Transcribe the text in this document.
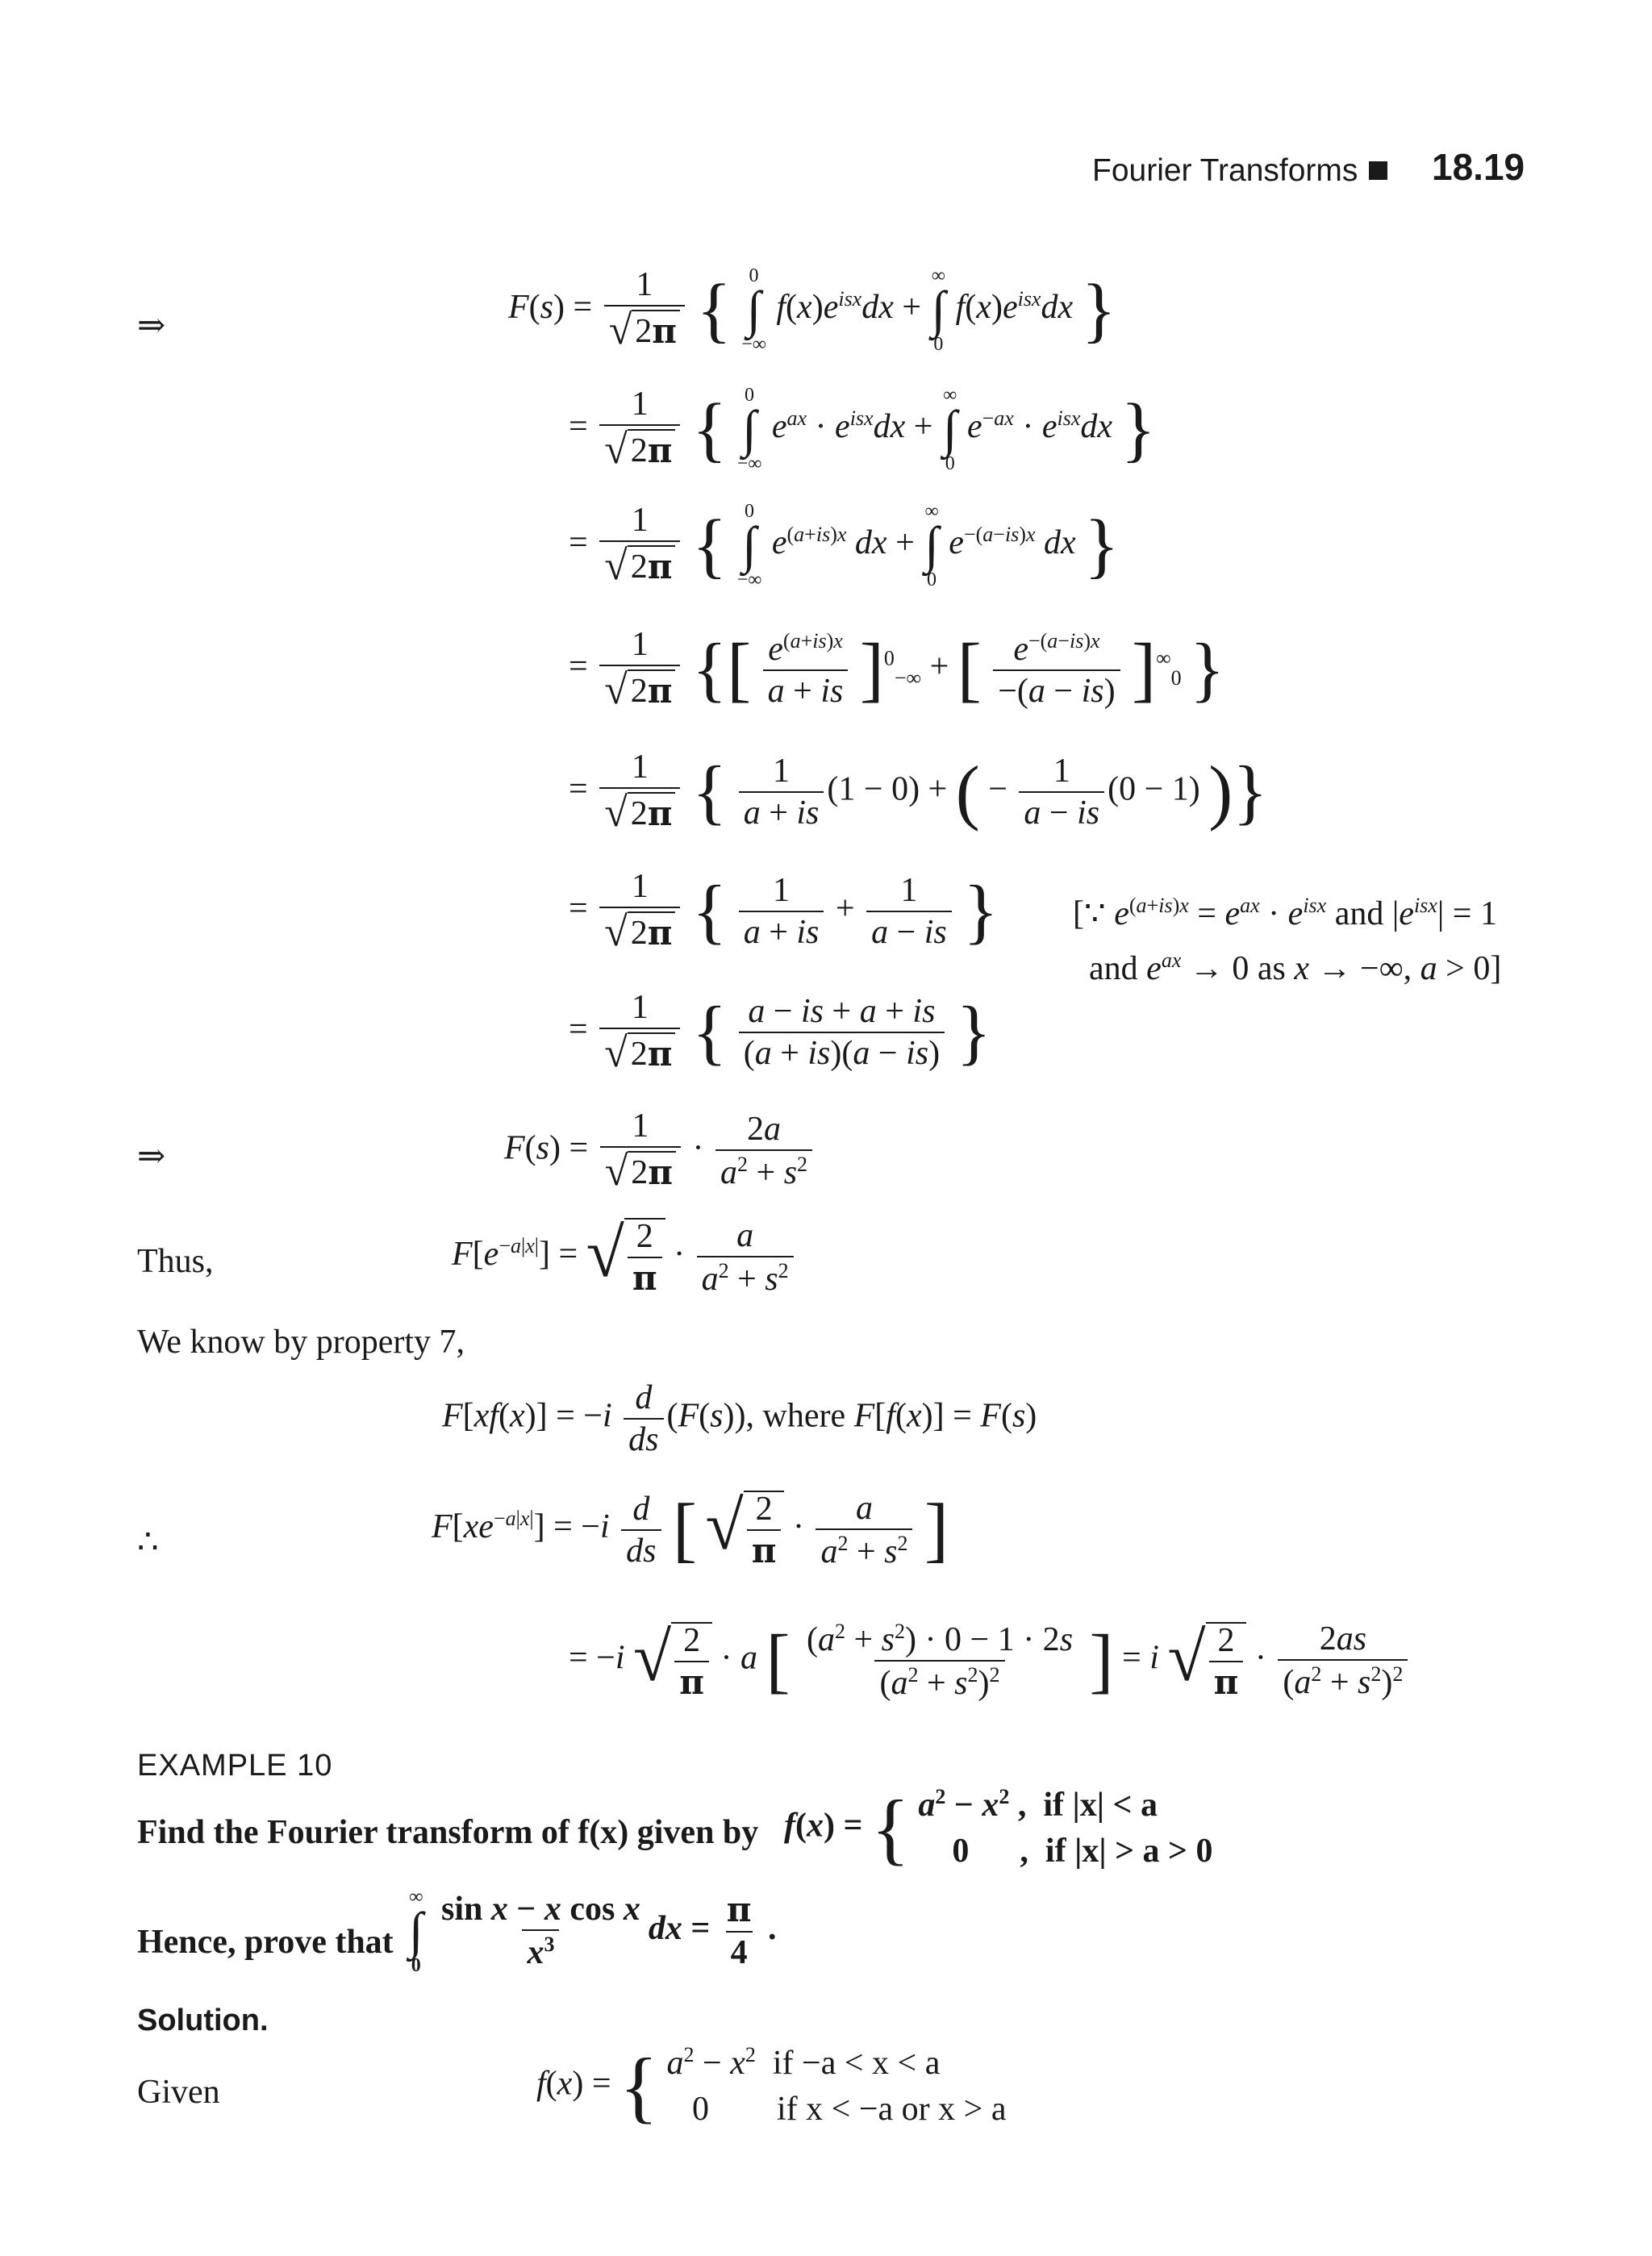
Fourier Transforms 18.19
⇒	$F(s) = \frac{1}{√ 2 \pi}$ { 0
∫
−∞
$f(x)e^{isx}dx$ +
∞
∫
0
$f(x)e^{isx}dx$ }
= $\frac{1}{√ 2 \pi}$ { 0
∫
−∞
$e^{ax} \cdot e^{isx}dx$ +
∞
∫
0
$e^{-ax} \cdot e^{isx}dx$ }
= $\frac{1}{√ 2 \pi}$ { 0
∫
−∞
$e^{(a+is)x}$ dx +
∞
∫
0
$e^{-(a-is)x}$ dx }
= $\frac{1}{√ 2 \pi}$ {[ $\frac{e^{(a+is)x}}{a + is} ]^0_{-\infty}$ + [ $\frac{e^{-(a-is)x}}{-(a - is)} ]^\infty_0$ }
= $\frac{1}{√ 2 \pi}$ { $\frac{1}{a + is} (1 - 0)$ + ( − $\frac{1}{a - is} (0 - 1)$ )}
= $\frac{1}{√ 2 \pi}$ { $\frac{1}{a + is} + \frac{1}{a - is}$ } [∵ $e^{(a+is)x} = e^{ax} \cdot e^{isx}$ and $|e^{isx}| = 1$
and $e^{ax} \to 0$ as x → −∞, a > 0]
= $\frac{1}{√ 2 \pi}$ { $\frac{a - is + a + is}{(a + is)(a - is)}$ }
⇒	$F(s) = \frac{1}{√ 2 \pi} \cdot \frac{2a}{a^2 + s^2}$
Thus,	$F[e^{-a|x|}]$ = √ $\frac{2}{\pi} \cdot \frac{a}{a^2 + s^2}$
We know by property 7,
$F[xf(x)] = -i \frac{d}{ds} (F(s))$, where F[f(x)] = F(s)
∴	$F[xe^{-a|x|}] = -i \frac{d}{ds}$ [ √ $\frac{2}{\pi} \cdot \frac{a}{a^2 + s^2}$ ]
= −i √ $\frac{2}{\pi} \cdot a$ [ $\frac{(a^2 + s^2) \cdot 0 - 1 \cdot 2s}{(a^2 + s^2)^2}$ ] = i √ $\frac{2}{\pi} \cdot \frac{2as}{(a^2 + s^2)^2}$
EXAMPLE 10
Find the Fourier transform of f(x) given by f(x) = { $a^2 - x^2$ ,  if |x| < a
0      ,  if |x| > a > 0
Hence, prove that
∞
∫
0
$\frac{\text{sin x − x cos x}}{x^3}$ dx = $\frac{\pi}{4}$ .
Solution.
Given	f(x) = { $a^2 - x^2$ if −a < x < a
0        if x < −a or x > a
